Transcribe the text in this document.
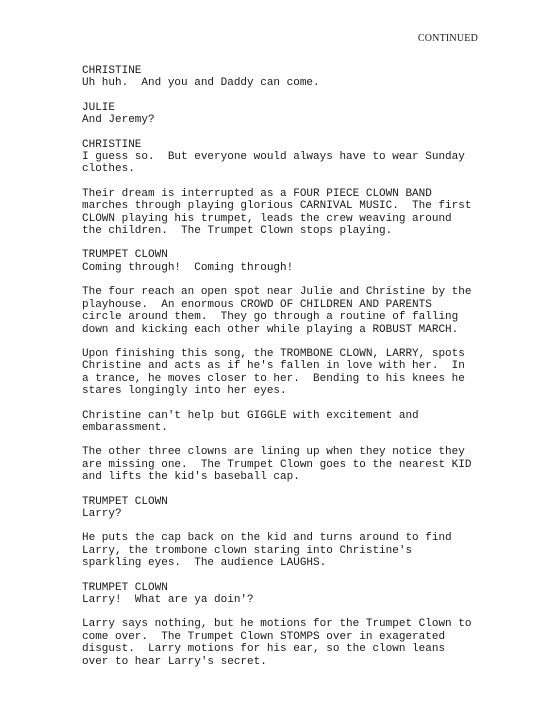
CONTINUED
CHRISTINE
Uh huh.  And you and Daddy can come.
JULIE
And Jeremy?
CHRISTINE
I guess so.  But everyone would always have to wear Sunday
clothes.
Their dream is interrupted as a FOUR PIECE CLOWN BAND
marches through playing glorious CARNIVAL MUSIC.  The first
CLOWN playing his trumpet, leads the crew weaving around
the children.  The Trumpet Clown stops playing.
TRUMPET CLOWN
Coming through!  Coming through!
The four reach an open spot near Julie and Christine by the
playhouse.  An enormous CROWD OF CHILDREN AND PARENTS
circle around them.  They go through a routine of falling
down and kicking each other while playing a ROBUST MARCH.
Upon finishing this song, the TROMBONE CLOWN, LARRY, spots
Christine and acts as if he's fallen in love with her.  In
a trance, he moves closer to her.  Bending to his knees he
stares longingly into her eyes.
Christine can't help but GIGGLE with excitement and
embarassment.
The other three clowns are lining up when they notice they
are missing one.  The Trumpet Clown goes to the nearest KID
and lifts the kid's baseball cap.
TRUMPET CLOWN
Larry?
He puts the cap back on the kid and turns around to find
Larry, the trombone clown staring into Christine's
sparkling eyes.  The audience LAUGHS.
TRUMPET CLOWN
Larry!  What are ya doin'?
Larry says nothing, but he motions for the Trumpet Clown to
come over.  The Trumpet Clown STOMPS over in exagerated
disgust.  Larry motions for his ear, so the clown leans
over to hear Larry's secret.
